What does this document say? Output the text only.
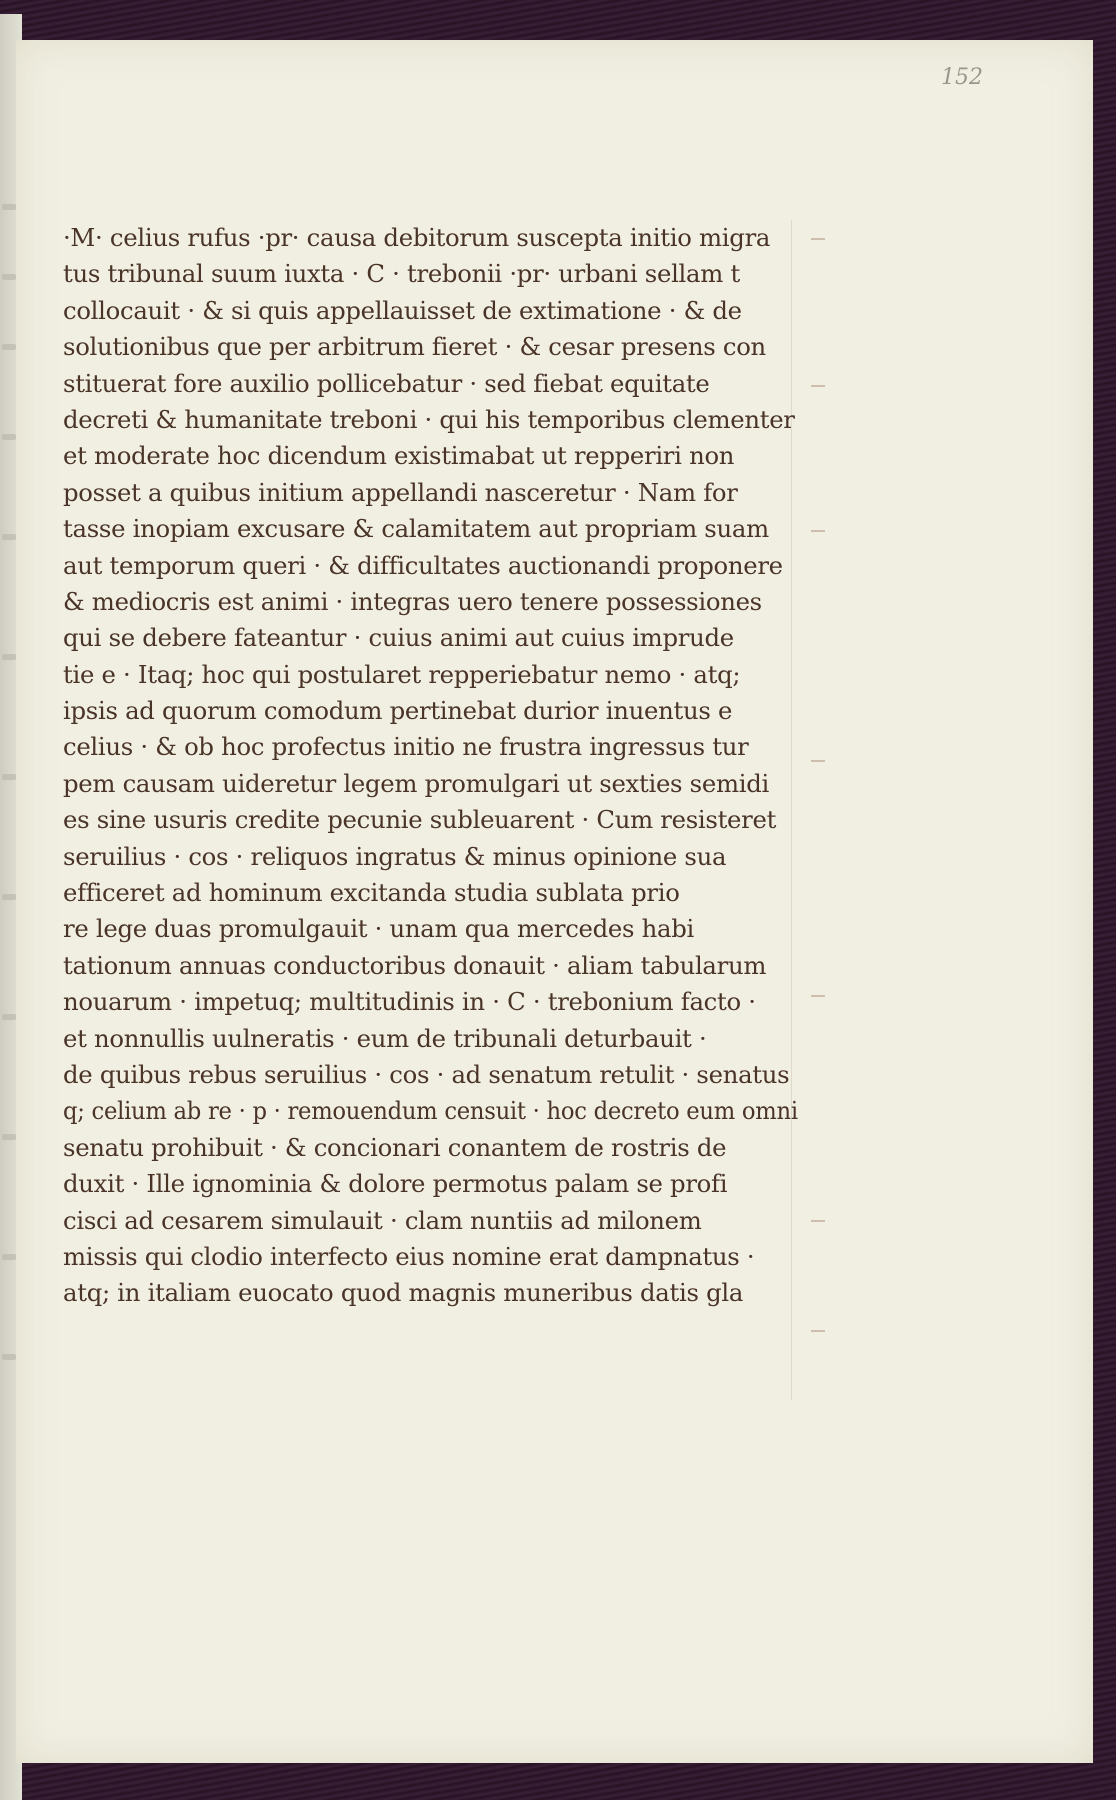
152
·M· celius rufus ·pr· causa debitorum suscepta initio migra
tus tribunal suum iuxta · C · trebonii ·pr· urbani sellam t
collocauit · & si quis appellauisset de extimatione · & de
solutionibus que per arbitrum fieret · & cesar presens con
stituerat fore auxilio pollicebatur · sed fiebat equitate
decreti & humanitate treboni · qui his temporibus clementer
et moderate hoc dicendum existimabat ut repperiri non
posset a quibus initium appellandi nasceretur · Nam for
tasse inopiam excusare & calamitatem aut propriam suam
aut temporum queri · & difficultates auctionandi proponere
& mediocris est animi · integras uero tenere possessiones
qui se debere fateantur · cuius animi aut cuius imprude
tie e · Itaq; hoc qui postularet repperiebatur nemo · atq;
ipsis ad quorum comodum pertinebat durior inuentus e
celius · & ob hoc profectus initio ne frustra ingressus tur
pem causam uideretur legem promulgari ut sexties semidi
es sine usuris credite pecunie subleuarent · Cum resisteret
seruilius · cos · reliquos ingratus & minus opinione sua
efficeret ad hominum excitanda studia sublata prio
re lege duas promulgauit · unam qua mercedes habi
tationum annuas conductoribus donauit · aliam tabularum
nouarum · impetuq; multitudinis in · C · trebonium facto ·
et nonnullis uulneratis · eum de tribunali deturbauit ·
de quibus rebus seruilius · cos · ad senatum retulit · senatus
q; celium ab re · p · remouendum censuit · hoc decreto eum omni
senatu prohibuit · & concionari conantem de rostris de
duxit · Ille ignominia & dolore permotus palam se profi
cisci ad cesarem simulauit · clam nuntiis ad milonem
missis qui clodio interfecto eius nomine erat dampnatus ·
atq; in italiam euocato quod magnis muneribus datis gla
